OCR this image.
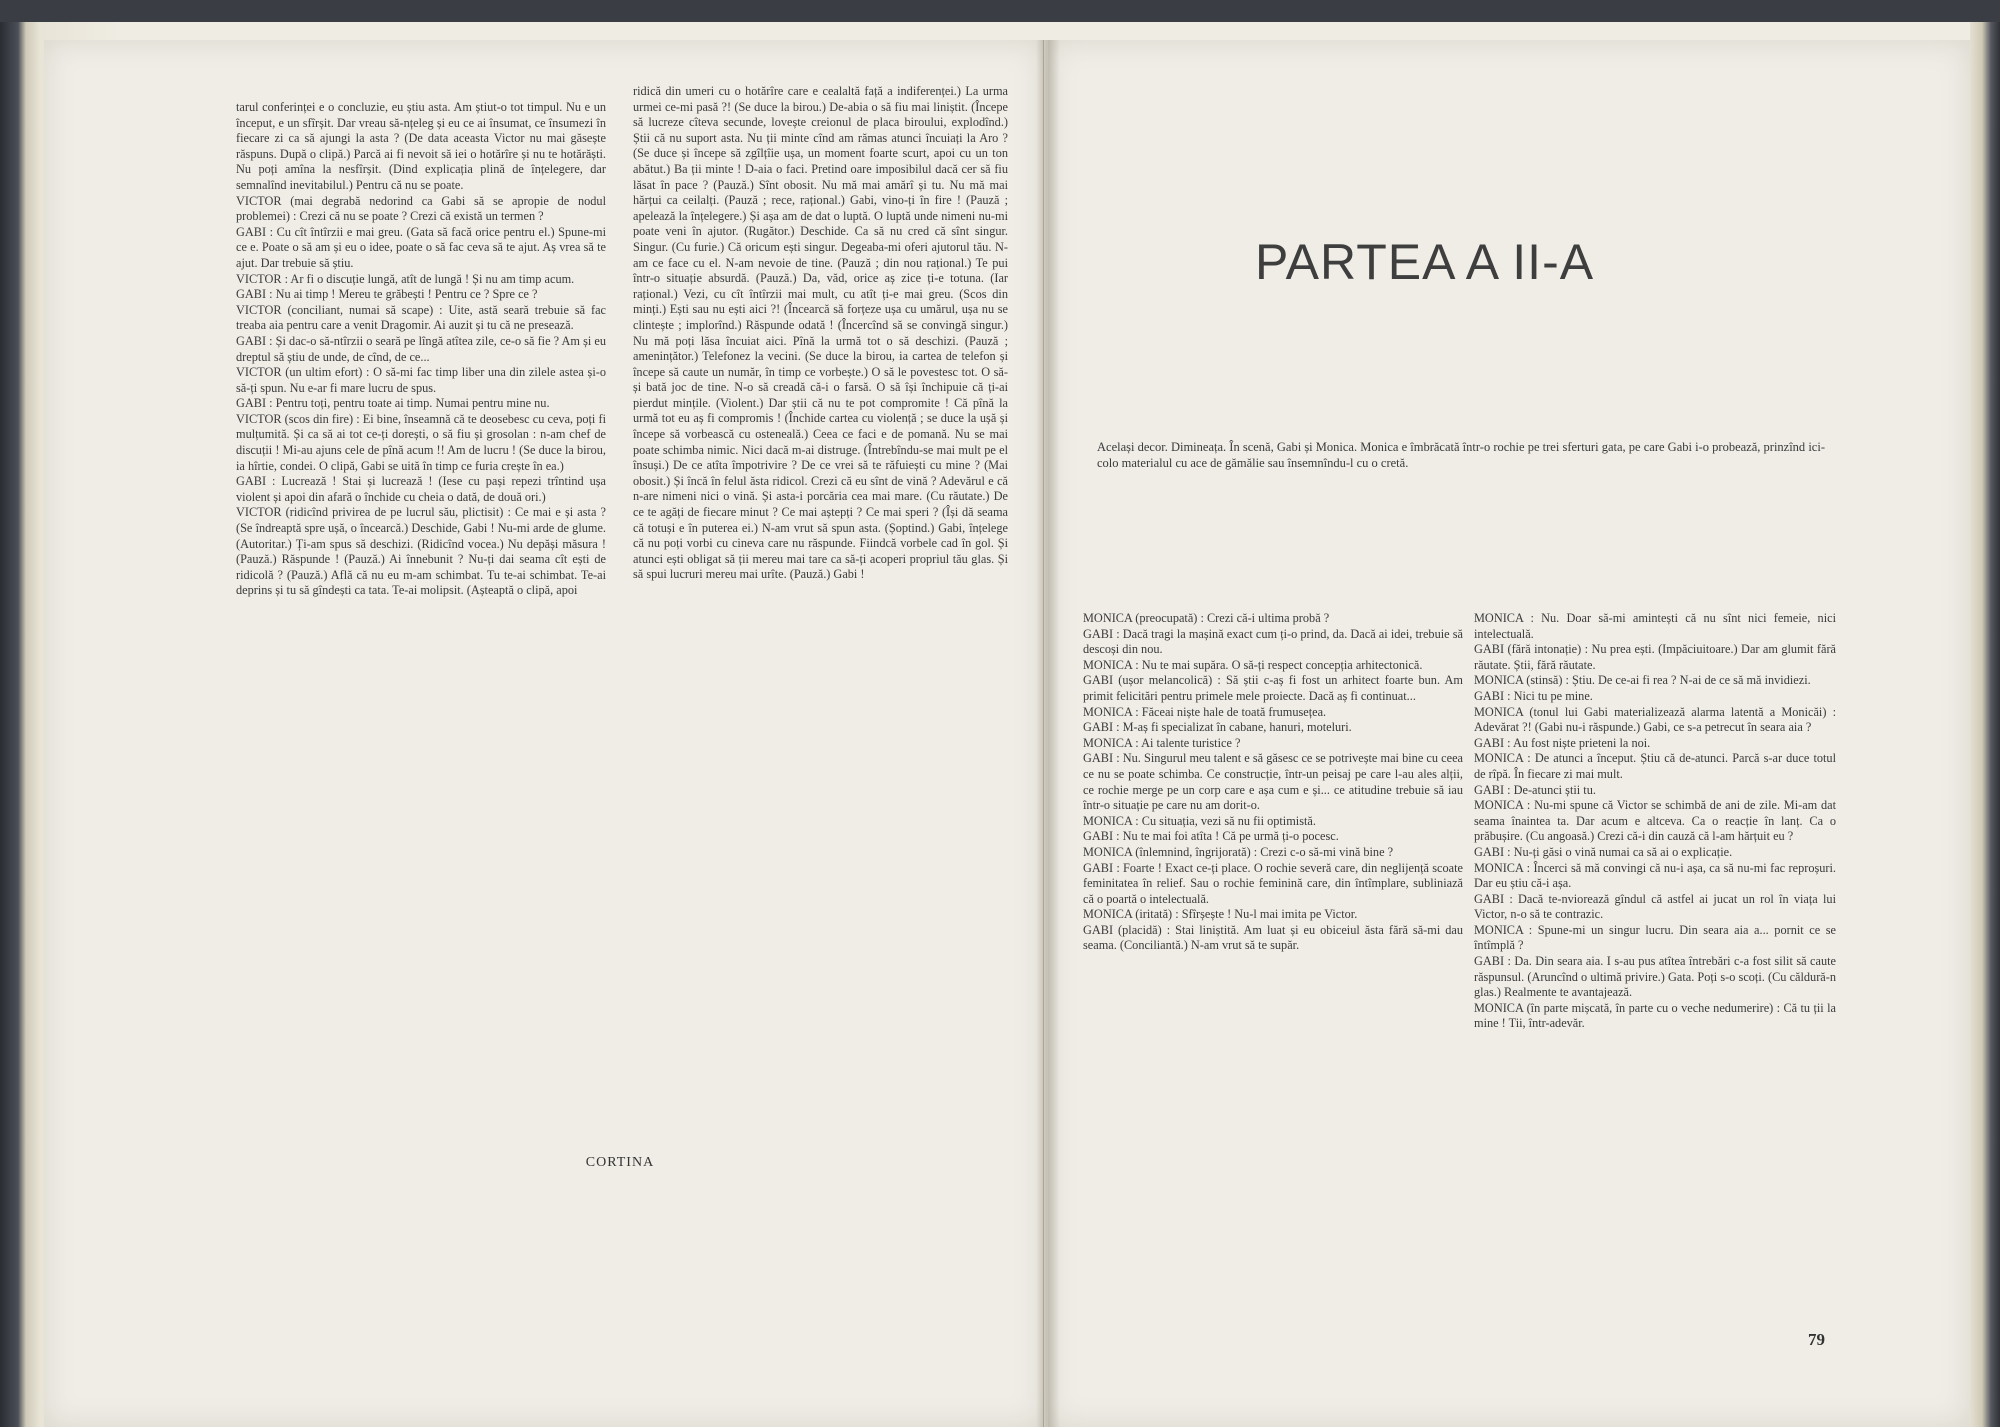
tarul conferinței e o concluzie, eu știu asta. Am știut-o tot timpul. Nu e un început, e un sfîrșit. Dar vreau să-nțeleg și eu ce ai însumat, ce însumezi în fiecare zi ca să ajungi la asta ? (De data aceasta Victor nu mai găsește răspuns. După o clipă.) Parcă ai fi nevoit să iei o hotărîre și nu te hotărăști. Nu poți amîna la nesfîrșit. (Dind explicația plină de înțelegere, dar semnalînd inevitabilul.) Pentru că nu se poate.

VICTOR (mai degrabă nedorind ca Gabi să se apropie de nodul problemei) : Crezi că nu se poate ? Crezi că există un termen ?

GABI : Cu cît întîrzii e mai greu. (Gata să facă orice pentru el.) Spune-mi ce e. Poate o să am și eu o idee, poate o să fac ceva să te ajut. Aș vrea să te ajut. Dar trebuie să știu.

VICTOR : Ar fi o discuție lungă, atît de lungă ! Și nu am timp acum.

GABI : Nu ai timp ! Mereu te grăbești ! Pentru ce ? Spre ce ?

VICTOR (conciliant, numai să scape) : Uite, astă seară trebuie să fac treaba aia pentru care a venit Dragomir. Ai auzit și tu că ne presează.

GABI : Și dac-o să-ntîrzii o seară pe lîngă atîtea zile, ce-o să fie ? Am și eu dreptul să știu de unde, de cînd, de ce...

VICTOR (un ultim efort) : O să-mi fac timp liber una din zilele astea și-o să-ți spun. Nu e-ar fi mare lucru de spus.

GABI : Pentru toți, pentru toate ai timp. Numai pentru mine nu.

VICTOR (scos din fire) : Ei bine, înseamnă că te deosebesc cu ceva, poți fi mulțumită. Și ca să ai tot ce-ți dorești, o să fiu și grosolan : n-am chef de discuții ! Mi-au ajuns cele de pînă acum !! Am de lucru ! (Se duce la birou, ia hîrtie, condei. O clipă, Gabi se uită în timp ce furia crește în ea.)

GABI : Lucrează ! Stai și lucrează ! (Iese cu pași repezi trîntind ușa violent și apoi din afară o închide cu cheia o dată, de două ori.)

VICTOR (ridicînd privirea de pe lucrul său, plictisit) : Ce mai e și asta ? (Se îndreaptă spre ușă, o încearcă.) Deschide, Gabi ! Nu-mi arde de glume. (Autoritar.) Ți-am spus să deschizi. (Ridicînd vocea.) Nu depăși măsura ! (Pauză.) Răspunde ! (Pauză.) Ai înnebunit ? Nu-ți dai seama cît ești de ridicolă ? (Pauză.) Află că nu eu m-am schimbat. Tu te-ai schimbat. Te-ai deprins și tu să gîndești ca tata. Te-ai molipsit. (Așteaptă o clipă, apoi

ridică din umeri cu o hotărîre care e cealaltă față a indiferenței.) La urma urmei ce-mi pasă ?! (Se duce la birou.) De-abia o să fiu mai liniștit. (Începe să lucreze cîteva secunde, lovește creionul de placa biroului, explodînd.) Știi că nu suport asta. Nu ții minte cînd am rămas atunci încuiați la Aro ? (Se duce și începe să zgîlțîie ușa, un moment foarte scurt, apoi cu un ton abătut.) Ba ții minte ! D-aia o faci. Pretind oare imposibilul dacă cer să fiu lăsat în pace ? (Pauză.) Sînt obosit. Nu mă mai amărî și tu. Nu mă mai hărțui ca ceilalți. (Pauză ; rece, rațional.) Gabi, vino-ți în fire ! (Pauză ; apelează la înțelegere.) Și așa am de dat o luptă. O luptă unde nimeni nu-mi poate veni în ajutor. (Rugător.) Deschide. Ca să nu cred că sînt singur. Singur. (Cu furie.) Că oricum ești singur. Degeaba-mi oferi ajutorul tău. N-am ce face cu el. N-am nevoie de tine. (Pauză ; din nou rațional.) Te pui într-o situație absurdă. (Pauză.) Da, văd, orice aș zice ți-e totuna. (Iar rațional.) Vezi, cu cît întîrzii mai mult, cu atît ți-e mai greu. (Scos din minți.) Ești sau nu ești aici ?! (Încearcă să forțeze ușa cu umărul, ușa nu se clintește ; implorînd.) Răspunde odată ! (Încercînd să se convingă singur.) Nu mă poți lăsa încuiat aici. Pînă la urmă tot o să deschizi. (Pauză ; amenințător.) Telefonez la vecini. (Se duce la birou, ia cartea de telefon și începe să caute un număr, în timp ce vorbește.) O să le povestesc tot. O să-și bată joc de tine. N-o să creadă că-i o farsă. O să își închipuie că ți-ai pierdut mințile. (Violent.) Dar știi că nu te pot compromite ! Că pînă la urmă tot eu aș fi compromis ! (Închide cartea cu violență ; se duce la ușă și începe să vorbească cu osteneală.) Ceea ce faci e de pomană. Nu se mai poate schimba nimic. Nici dacă m-ai distruge. (Întrebîndu-se mai mult pe el însuși.) De ce atîta împotrivire ? De ce vrei să te răfuiești cu mine ? (Mai obosit.) Și încă în felul ăsta ridicol. Crezi că eu sînt de vină ? Adevărul e că n-are nimeni nici o vină. Și asta-i porcăria cea mai mare. (Cu răutate.) De ce te agăți de fiecare minut ? Ce mai aștepți ? Ce mai speri ? (Își dă seama că totuși e în puterea ei.) N-am vrut să spun asta. (Șoptind.) Gabi, înțelege că nu poți vorbi cu cineva care nu răspunde. Fiindcă vorbele cad în gol. Și atunci ești obligat să ții mereu mai tare ca să-ți acoperi propriul tău glas. Și să spui lucruri mereu mai urîte. (Pauză.) Gabi !

CORTINA
PARTEA A II-A
Același decor. Dimineața. În scenă, Gabi și Monica. Monica e îmbrăcată într-o rochie pe trei sferturi gata, pe care Gabi i-o probează, prinzînd ici-colo materialul cu ace de gămălie sau însemnîndu-l cu o cretă.

MONICA (preocupată) : Crezi că-i ultima probă ?

GABI : Dacă tragi la mașină exact cum ți-o prind, da. Dacă ai idei, trebuie să descoși din nou.

MONICA : Nu te mai supăra. O să-ți respect concepția arhitectonică.

GABI (ușor melancolică) : Să știi c-aș fi fost un arhitect foarte bun. Am primit felicitări pentru primele mele proiecte. Dacă aș fi continuat...

MONICA : Făceai niște hale de toată frumusețea.

GABI : M-aș fi specializat în cabane, hanuri, moteluri.

MONICA : Ai talente turistice ?

GABI : Nu. Singurul meu talent e să găsesc ce se potrivește mai bine cu ceea ce nu se poate schimba. Ce construcție, într-un peisaj pe care l-au ales alții, ce rochie merge pe un corp care e așa cum e și... ce atitudine trebuie să iau într-o situație pe care nu am dorit-o.

MONICA : Cu situația, vezi să nu fii optimistă.

GABI : Nu te mai foi atîta ! Că pe urmă ți-o pocesc.

MONICA (înlemnind, îngrijorată) : Crezi c-o să-mi vină bine ?

GABI : Foarte ! Exact ce-ți place. O rochie severă care, din neglijență scoate feminitatea în relief. Sau o rochie feminină care, din întîmplare, subliniază că o poartă o intelectuală.

MONICA (iritată) : Sfîrșește ! Nu-l mai imita pe Victor.

GABI (placidă) : Stai liniștită. Am luat și eu obiceiul ăsta fără să-mi dau seama. (Conciliantă.) N-am vrut să te supăr.

MONICA : Nu. Doar să-mi amintești că nu sînt nici femeie, nici intelectuală.

GABI (fără intonație) : Nu prea ești. (Impăciuitoare.) Dar am glumit fără răutate. Știi, fără răutate.

MONICA (stinsă) : Știu. De ce-ai fi rea ? N-ai de ce să mă invidiezi.

GABI : Nici tu pe mine.

MONICA (tonul lui Gabi materializează alarma latentă a Monicăi) : Adevărat ?! (Gabi nu-i răspunde.) Gabi, ce s-a petrecut în seara aia ?

GABI : Au fost niște prieteni la noi.

MONICA : De atunci a început. Știu că de-atunci. Parcă s-ar duce totul de rîpă. În fiecare zi mai mult.

GABI : De-atunci știi tu.

MONICA : Nu-mi spune că Victor se schimbă de ani de zile. Mi-am dat seama înaintea ta. Dar acum e altceva. Ca o reacție în lanț. Ca o prăbușire. (Cu angoasă.) Crezi că-i din cauză că l-am hărțuit eu ?

GABI : Nu-ți găsi o vină numai ca să ai o explicație.

MONICA : Încerci să mă convingi că nu-i așa, ca să nu-mi fac reproșuri. Dar eu știu că-i așa.

GABI : Dacă te-nviorează gîndul că astfel ai jucat un rol în viața lui Victor, n-o să te contrazic.

MONICA : Spune-mi un singur lucru. Din seara aia a... pornit ce se întîmplă ?

GABI : Da. Din seara aia. I s-au pus atîtea întrebări c-a fost silit să caute răspunsul. (Aruncînd o ultimă privire.) Gata. Poți s-o scoți. (Cu căldură-n glas.) Realmente te avantajează.

MONICA (în parte mișcată, în parte cu o veche nedumerire) : Că tu ții la mine ! Tii, într-adevăr.

79
